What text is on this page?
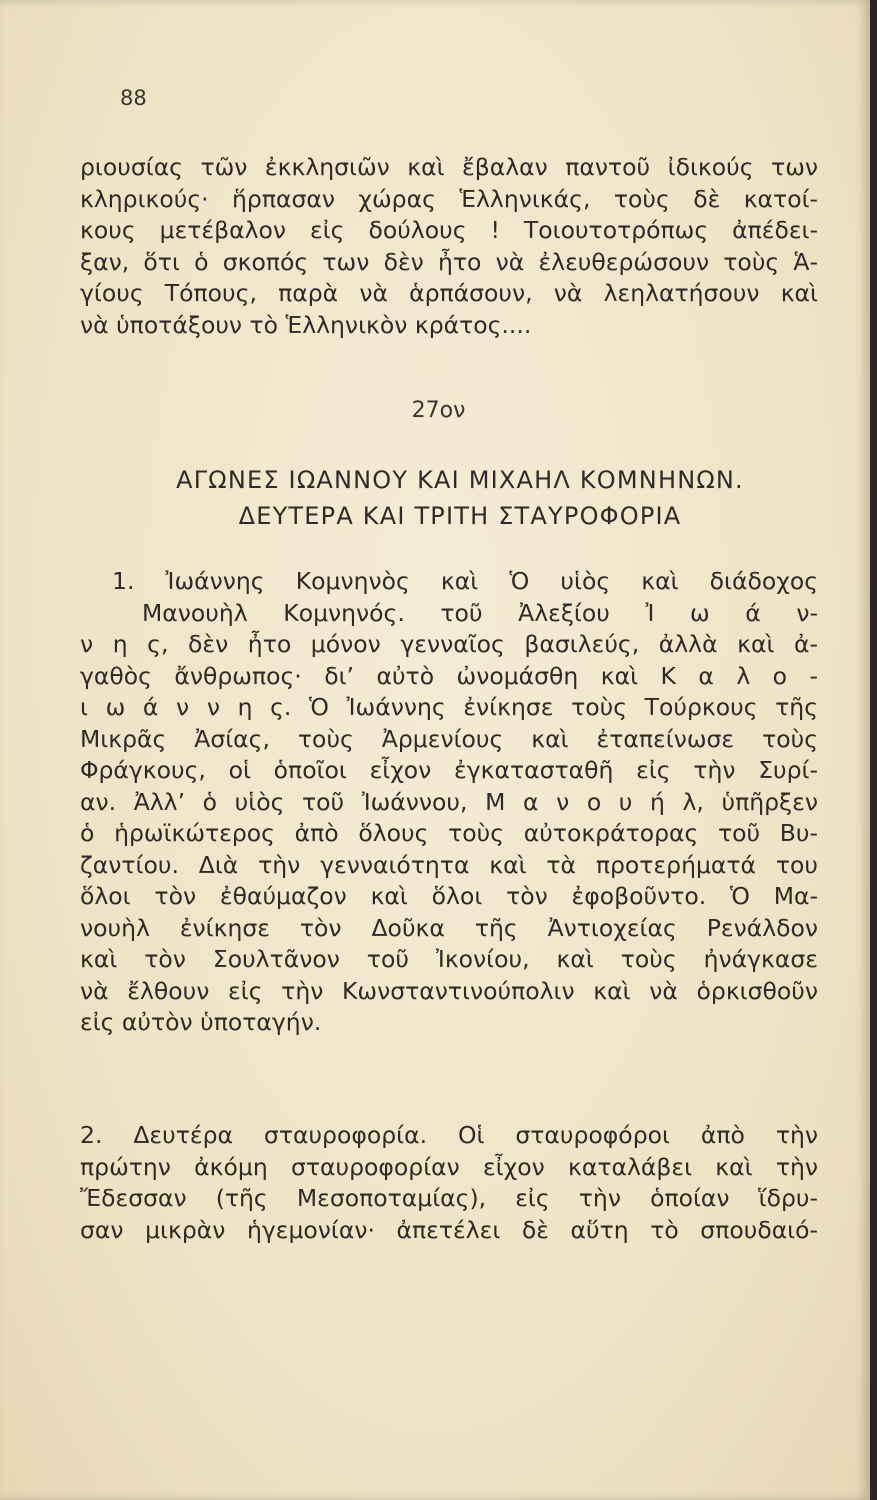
88
ριουσίας τῶν ἐκκλησιῶν καὶ ἔβαλαν παντοῦ ἰδικούς των
κληρικούς· ἥρπασαν χώρας Ἑλληνικάς, τοὺς δὲ κατοί-
κους μετέβαλον εἰς δούλους ! Τοιουτοτρόπως ἀπέδει-
ξαν, ὅτι ὁ σκοπός των δὲν ἦτο νὰ ἐλευθερώσουν τοὺς Ἁ-
γίους Τόπους, παρὰ νὰ ἁρπάσουν, νὰ λεηλατήσουν καὶ
νὰ ὑποτάξουν τὸ Ἑλληνικὸν κράτος....
27ον
ΑΓΩΝΕΣ ΙΩΑΝΝΟΥ ΚΑΙ ΜΙΧΑΗΛ ΚΟΜΝΗΝΩΝ.
ΔΕΥΤΕΡΑ ΚΑΙ ΤΡΙΤΗ ΣΤΑΥΡΟΦΟΡΙΑ
1. Ἰωάννης Κομνηνὸς καὶ Ὁ υἱὸς καὶ διάδοχος
Μανουὴλ Κομνηνός. τοῦ Ἀλεξίου Ἰ ω ά ν-
ν η ς, δὲν ἦτο μόνον γενναῖος βασιλεύς, ἀλλὰ καὶ ἀ-
γαθὸς ἄνθρωπος· δι’ αὐτὸ ὠνομάσθη καὶ Κ α λ ο -
ι ω ά ν ν η ς. Ὁ Ἰωάννης ἐνίκησε τοὺς Τούρκους τῆς
Μικρᾶς Ἀσίας, τοὺς Ἀρμενίους καὶ ἐταπείνωσε τοὺς
Φράγκους, οἱ ὁποῖοι εἶχον ἐγκατασταθῆ εἰς τὴν Συρί-
αν. Ἀλλ’ ὁ υἱὸς τοῦ Ἰωάννου, Μ α ν ο υ ή λ, ὑπῆρξεν
ὁ ἡρωϊκώτερος ἀπὸ ὅλους τοὺς αὐτοκράτορας τοῦ Βυ-
ζαντίου. Διὰ τὴν γενναιότητα καὶ τὰ προτερήματά του
ὅλοι τὸν ἐθαύμαζον καὶ ὅλοι τὸν ἐφοβοῦντο. Ὁ Μα-
νουὴλ ἐνίκησε τὸν Δοῦκα τῆς Ἀντιοχείας Ρενάλδον
καὶ τὸν Σουλτᾶνον τοῦ Ἰκονίου, καὶ τοὺς ἠνάγκασε
νὰ ἔλθουν εἰς τὴν Κωνσταντινούπολιν καὶ νὰ ὁρκισθοῦν
εἰς αὐτὸν ὑποταγήν.
2. Δευτέρα σταυροφορία. Οἱ σταυροφόροι ἀπὸ τὴν
πρώτην ἀκόμη σταυροφορίαν εἶχον καταλάβει καὶ τὴν
Ἔδεσσαν (τῆς Μεσοποταμίας), εἰς τὴν ὁποίαν ἵδρυ-
σαν μικρὰν ἡγεμονίαν· ἀπετέλει δὲ αὕτη τὸ σπουδαιό-
